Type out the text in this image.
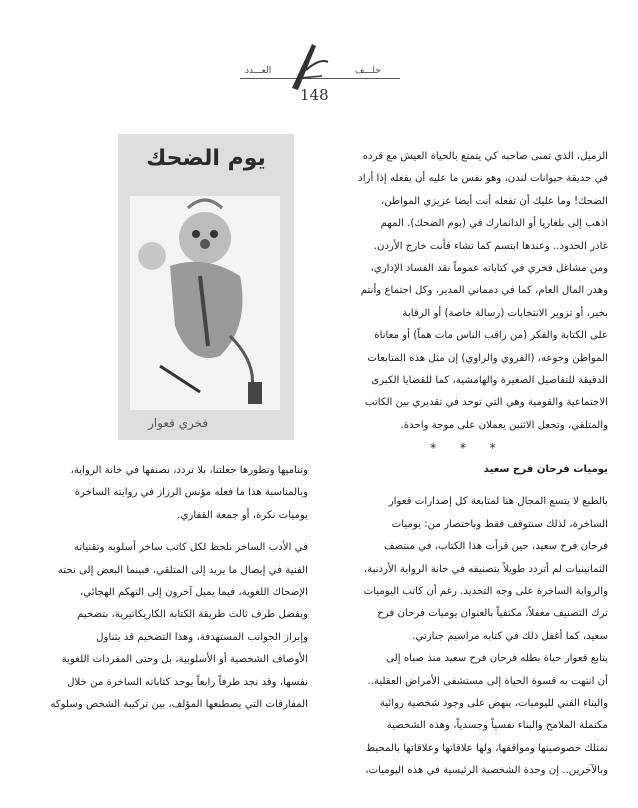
العـــدد	خلـــف
148
يوم الضحك
فخري قعوار

الزميل، الذي تمنى صاحبه كي يتمتع بالحياة العيش مع قرده

في حديقة حيوانات لندن، وهو نفس ما عليه أن يفعله إذا أراد

الضحك! وما عليك أن تفعله أنت أيضا عزيزي المواطن،

اذهب إلى بلغاريا أو الدانمارك في (يوم الضحك). المهم

غادر الحدود.. وعندها ابتسم كما تشاء فأنت خارج الأردن.

ومن مشاغل فخري في كتاباته عموماً نقد الفساد الإداري،

وهدر المال العام، كما في دمماني المدير، وكل اجتماع وأنتم

بخير، أو تزوير الانتخابات (رسالة خاصة) أو الرقابة

على الكتابة والفكر (من راقب الناس مات هماً) أو معاناة

المواطن وجوعه، (الفروي والراوي) إن مثل هذه المتابعات

الدقيقة للتفاصيل الصغيرة والهامشية، كما للقضايا الكبرى

الاجتماعية والقومية وهي التي توحد في تقديري بين الكاتب

والمتلقي، وتجعل الاثنين يعملان على موجة واحدة.

* * *

يوميات فرحان فرح سعيد

بالطبع لا يتسع المجال هنا لمتابعة كل إصدارات قعوار

الساخرة، لذلك سنتوقف فقط وباختصار من: يوميات

فرحان فرح سعيد، حين قرأت هذا الكتاب، في منتصف

الثمانينيات لم أتردد طويلاً بتصنيفه في خانة الرواية الأردنية،

والرواية الساخرة على وجه التحديد. رغم أن كاتب اليوميات

ترك التصنيف مغفلاً، مكتفياً بالعنوان يوميات فرحان فرح

سعيد، كما أغفل ذلك في كتابه مراسيم جنازتي.

يتابع قعوار حياة بطله فرحان فرح سعيد منذ صباه إلى

أن انتهت به قسوة الحياة إلى مستشفى الأمراض العقلية..

والبناء الفني لليوميات، ينهض على وجود شخصية روائية

مكتملة الملامح والبناء نفسياً وجسدياً، وهذه الشخصية

تمتلك خصوصيتها ومواقفها، ولها علاقاتها وعلاقاتها بالمحيط

وبالآخرين.. إن وحدة الشخصية الرئيسية في هذه اليوميات،

وتناميها وتطورها جعلتنا، بلا تردد، نصنفها في خانة الرواية،

وبالمناسبة هذا ما فعله مؤنس الرزاز في روايته الساخرة

يوميات نكرة، أو جمعة القفاري.

في الأدب الساخر نلحظ لكل كاتب ساخر أسلوبه وتقنياته

الفنية في إيصال ما يريد إلى المتلقي، فبينما البعض إلى نحته

الإضحاك اللغوية، فيما يميل آخرون إلى التهكم الهجائي،

ويفضل طرف ثالث طريقة الكتابة الكاريكاتيرية، بتضخيم

وإبراز الجوانب المستهدفة، وهذا التضخيم قد يتناول

الأوصاف الشخصية أو الأسلوبية، بل وحتى المفردات اللغوية

نفسها، وقد نجد طرفاً رابعاً يوحد كتاباته الساخرة من خلال

المفارقات التي يصطنعها المؤلف، بين تركيبة الشخص وسلوكه
